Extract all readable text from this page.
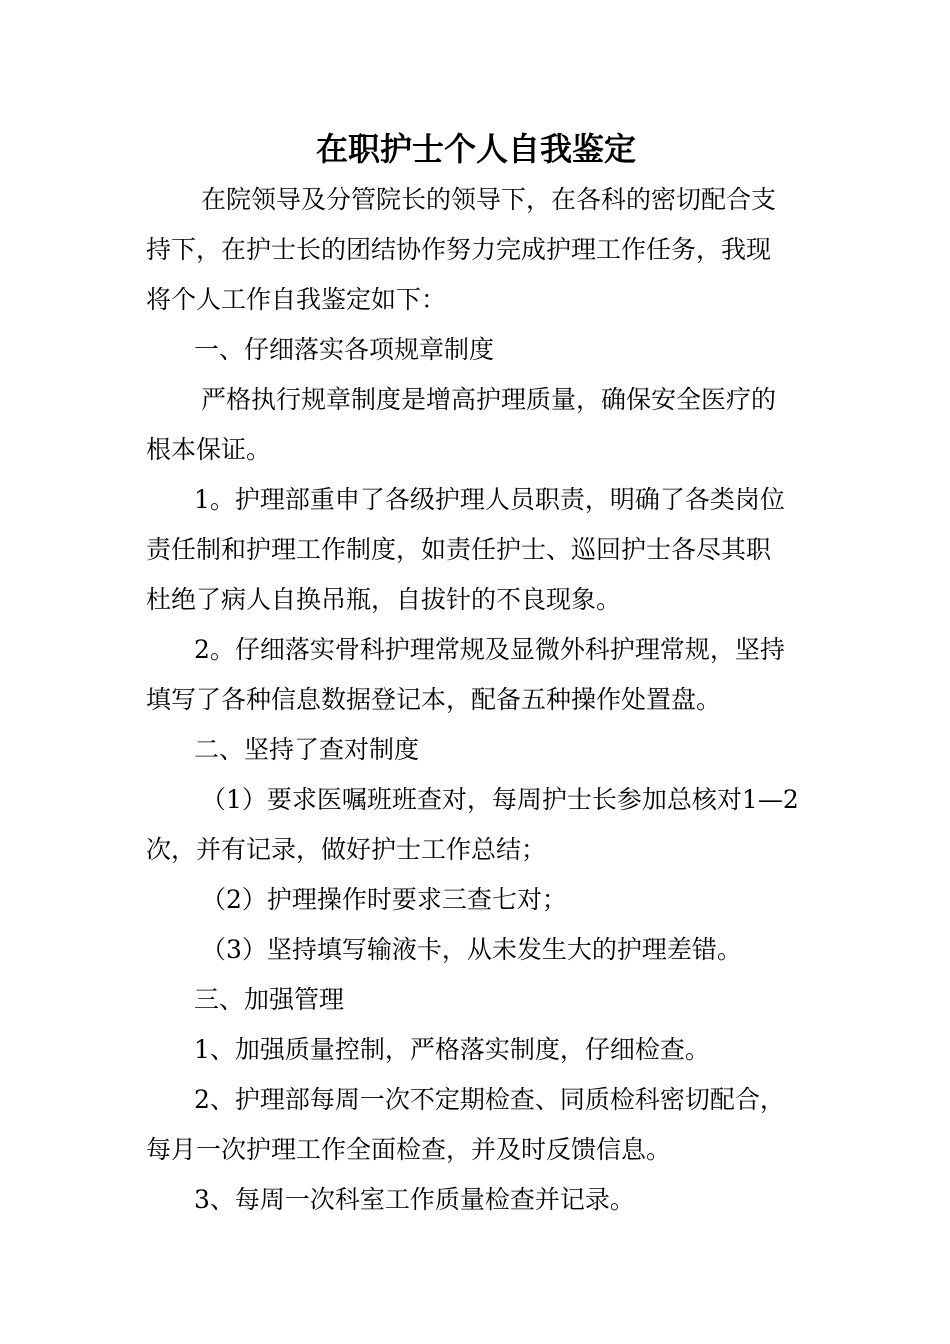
在职护士个人自我鉴定
在院领导及分管院长的领导下，在各科的密切配合支
持下，在护士长的团结协作努力完成护理工作任务，我现
将个人工作自我鉴定如下：
一、仔细落实各项规章制度
严格执行规章制度是增高护理质量，确保安全医疗的
根本保证。
1。护理部重申了各级护理人员职责，明确了各类岗位
责任制和护理工作制度，如责任护士、巡回护士各尽其职
杜绝了病人自换吊瓶，自拔针的不良现象。
2。仔细落实骨科护理常规及显微外科护理常规，坚持
填写了各种信息数据登记本，配备五种操作处置盘。
二、坚持了查对制度
（1）要求医嘱班班查对，每周护士长参加总核对1—2
次，并有记录，做好护士工作总结；
（2）护理操作时要求三查七对；
（3）坚持填写输液卡，从未发生大的护理差错。
三、加强管理
1、加强质量控制，严格落实制度，仔细检查。
2、护理部每周一次不定期检查、同质检科密切配合，
每月一次护理工作全面检查，并及时反馈信息。
3、每周一次科室工作质量检查并记录。
